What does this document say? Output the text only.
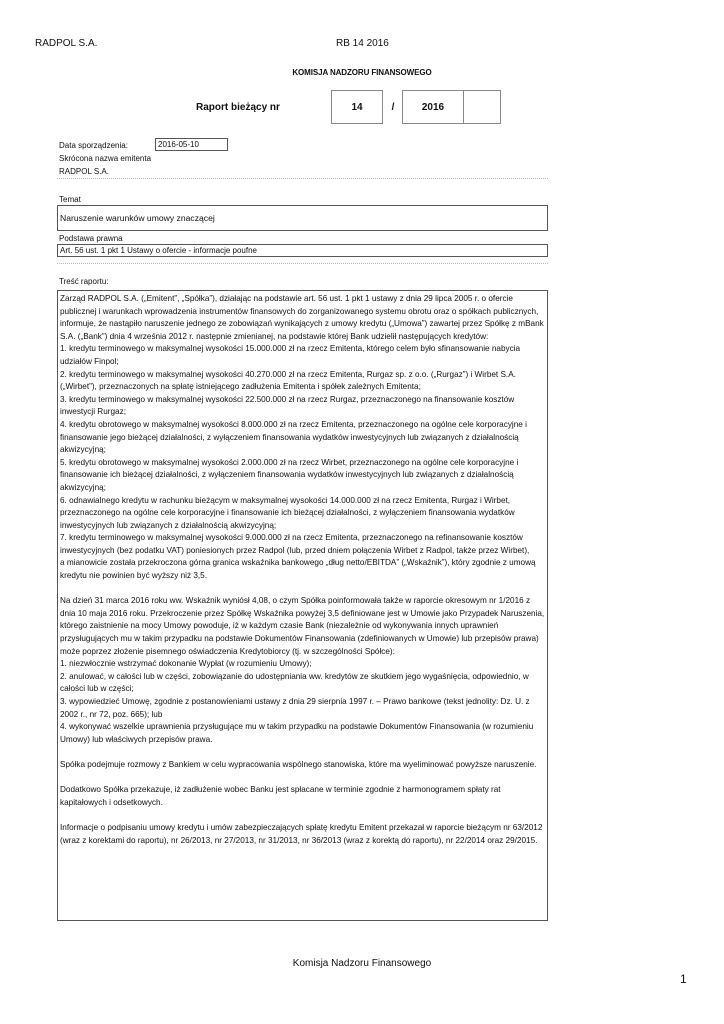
RADPOL S.A.	RB 14 2016
KOMISJA NADZORU FINANSOWEGO
Raport bieżący nr	14	/	2016
Data sporządzenia:	2016-05-10
Skrócona nazwa emitenta
RADPOL S.A.
Temat
Naruszenie warunków umowy znaczącej
Podstawa prawna
Art. 56 ust. 1 pkt 1 Ustawy o ofercie - informacje poufne
Treść raportu:

Zarząd RADPOL S.A. („Emitent”, „Spółka”), działając na podstawie art. 56 ust. 1 pkt 1 ustawy z dnia 29 lipca 2005 r. o ofercie publicznej i warunkach wprowadzenia instrumentów finansowych do zorganizowanego systemu obrotu oraz o spółkach publicznych, informuje, że nastąpiło naruszenie jednego ze zobowiązań wynikających z umowy kredytu („Umowa”) zawartej przez Spółkę z mBank S.A. („Bank”) dnia 4 września 2012 r. następnie zmienianej, na podstawie której Bank udzielił następujących kredytów:

1. kredytu terminowego w maksymalnej wysokości 15.000.000 zł na rzecz Emitenta, którego celem było sfinansowanie nabycia udziałów Finpol;

2. kredytu terminowego w maksymalnej wysokości 40.270.000 zł na rzecz Emitenta, Rurgaz sp. z o.o. („Rurgaz”) i Wirbet S.A. („Wirbet”), przeznaczonych na spłatę istniejącego zadłużenia Emitenta i spółek zależnych Emitenta;

3. kredytu terminowego w maksymalnej wysokości 22.500.000 zł na rzecz Rurgaz, przeznaczonego na finansowanie kosztów inwestycji Rurgaz;

4. kredytu obrotowego w maksymalnej wysokości 8.000.000 zł na rzecz Emitenta, przeznaczonego na ogólne cele korporacyjne i finansowanie jego bieżącej działalności, z wyłączeniem finansowania wydatków inwestycyjnych lub związanych z działalnością akwizycyjną;

5. kredytu obrotowego w maksymalnej wysokości 2.000.000 zł na rzecz Wirbet, przeznaczonego na ogólne cele korporacyjne i finansowanie ich bieżącej działalności, z wyłączeniem finansowania wydatków inwestycyjnych lub związanych z działalnością akwizycyjną;

6. odnawialnego kredytu w rachunku bieżącym w maksymalnej wysokości 14.000.000 zł na rzecz Emitenta, Rurgaz i Wirbet, przeznaczonego na ogólne cele korporacyjne i finansowanie ich bieżącej działalności, z wyłączeniem finansowania wydatków inwestycyjnych lub związanych z działalnością akwizycyjną;

7. kredytu terminowego w maksymalnej wysokości 9.000.000 zł na rzecz Emitenta, przeznaczonego na refinansowanie kosztów inwestycyjnych (bez podatku VAT) poniesionych przez Radpol (lub, przed dniem połączenia Wirbet z Radpol, także przez Wirbet),

a mianowicie została przekroczona górna granica wskaźnika bankowego „dług netto/EBITDA” („Wskaźnik”), który zgodnie z umową kredytu nie powinien być wyższy niż 3,5.

Na dzień 31 marca 2016 roku ww. Wskaźnik wyniósł 4,08, o czym Spółka poinformowała także w raporcie okresowym nr 1/2016 z dnia 10 maja 2016 roku. Przekroczenie przez Spółkę Wskaźnika powyżej 3,5 definiowane jest w Umowie jako Przypadek Naruszenia, którego zaistnienie na mocy Umowy powoduje, iż w każdym czasie Bank (niezależnie od wykonywania innych uprawnień przysługujących mu w takim przypadku na podstawie Dokumentów Finansowania (zdefiniowanych w Umowie) lub przepisów prawa) może poprzez złożenie pisemnego oświadczenia Kredytobiorcy (tj. w szczególności Spółce):

1. niezwłocznie wstrzymać dokonanie Wypłat (w rozumieniu Umowy);

2. anulować, w całości lub w części, zobowiązanie do udostępniania ww. kredytów ze skutkiem jego wygaśnięcia, odpowiednio, w całości lub w części;

3. wypowiedzieć Umowę, zgodnie z postanowieniami ustawy z dnia 29 sierpnia 1997 r. – Prawo bankowe (tekst jednolity: Dz. U. z 2002 r., nr 72, poz. 665); lub

4. wykonywać wszelkie uprawnienia przysługujące mu w takim przypadku na podstawie Dokumentów Finansowania (w rozumieniu Umowy) lub właściwych przepisów prawa.

Spółka podejmuje rozmowy z Bankiem w celu wypracowania wspólnego stanowiska, które ma wyeliminować powyższe naruszenie.

Dodatkowo Spółka przekazuje, iż zadłużenie wobec Banku jest spłacane w terminie zgodnie z harmonogramem spłaty rat kapitałowych i odsetkowych.

Informacje o podpisaniu umowy kredytu i umów zabezpieczających spłatę kredytu Emitent przekazał w raporcie bieżącym nr 63/2012 (wraz z korektami do raportu), nr 26/2013, nr 27/2013, nr 31/2013, nr 36/2013 (wraz z korektą do raportu), nr 22/2014 oraz 29/2015.

Komisja Nadzoru Finansowego
1
